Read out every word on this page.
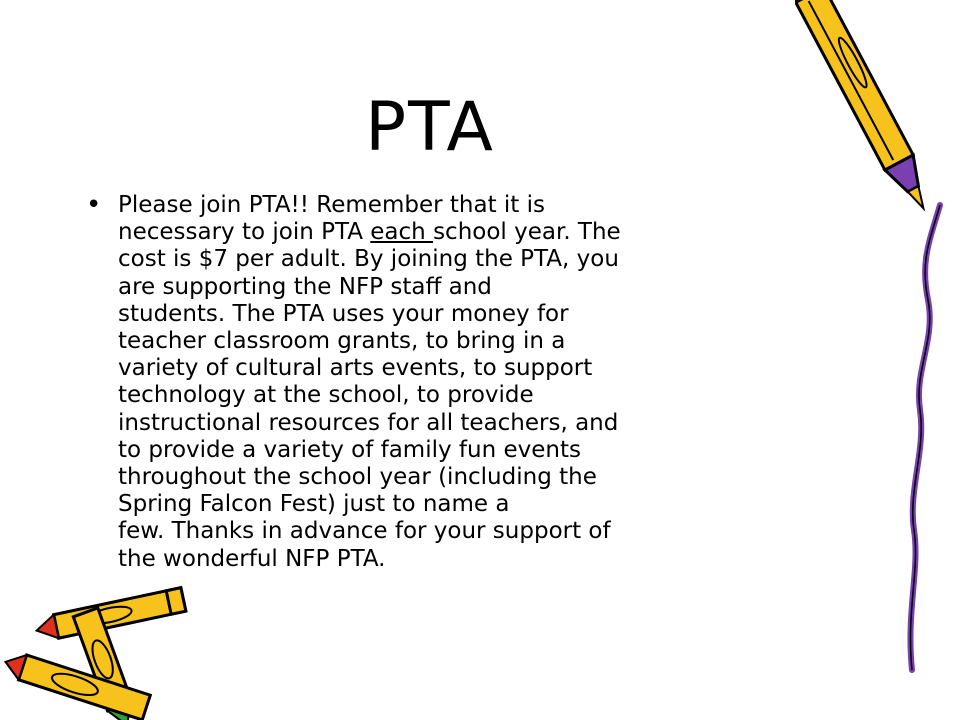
PTA
• Please join PTA!! Remember that it is
necessary to join PTA each school year. The
cost is $7 per adult. By joining the PTA, you
are supporting the NFP staff and
students. The PTA uses your money for
teacher classroom grants, to bring in a
variety of cultural arts events, to support
technology at the school, to provide
instructional resources for all teachers, and
to provide a variety of family fun events
throughout the school year (including the
Spring Falcon Fest) just to name a
few. Thanks in advance for your support of
the wonderful NFP PTA.
